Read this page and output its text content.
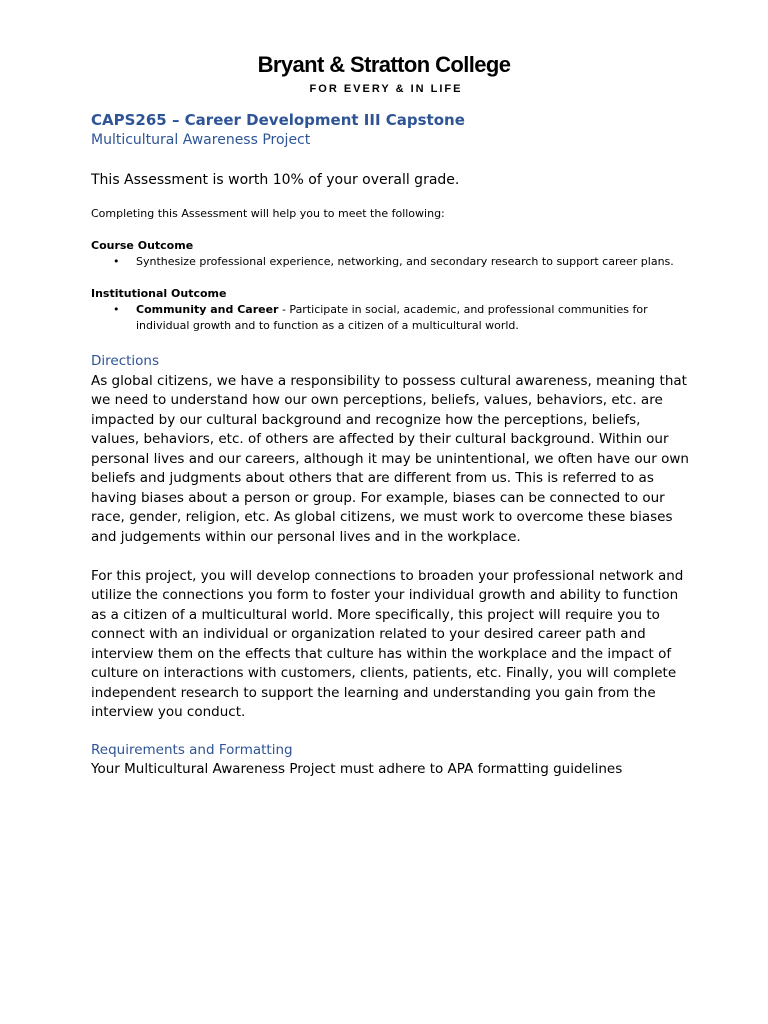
Bryant & Stratton College
FOR EVERY & IN LIFE
CAPS265 – Career Development III Capstone
Multicultural Awareness Project
This Assessment is worth 10% of your overall grade.
Completing this Assessment will help you to meet the following:
Course Outcome
• Synthesize professional experience, networking, and secondary research to support career plans.
Institutional Outcome
• Community and Career - Participate in social, academic, and professional communities for individual growth and to function as a citizen of a multicultural world.
Directions

As global citizens, we have a responsibility to possess cultural awareness, meaning that we need to understand how our own perceptions, beliefs, values, behaviors, etc. are impacted by our cultural background and recognize how the perceptions, beliefs, values, behaviors, etc. of others are affected by their cultural background. Within our personal lives and our careers, although it may be unintentional, we often have our own beliefs and judgments about others that are different from us. This is referred to as having biases about a person or group. For example, biases can be connected to our race, gender, religion, etc. As global citizens, we must work to overcome these biases and judgements within our personal lives and in the workplace.

For this project, you will develop connections to broaden your professional network and utilize the connections you form to foster your individual growth and ability to function as a citizen of a multicultural world. More specifically, this project will require you to connect with an individual or organization related to your desired career path and interview them on the effects that culture has within the workplace and the impact of culture on interactions with customers, clients, patients, etc. Finally, you will complete independent research to support the learning and understanding you gain from the interview you conduct.

Requirements and Formatting

Your Multicultural Awareness Project must adhere to APA formatting guidelines
